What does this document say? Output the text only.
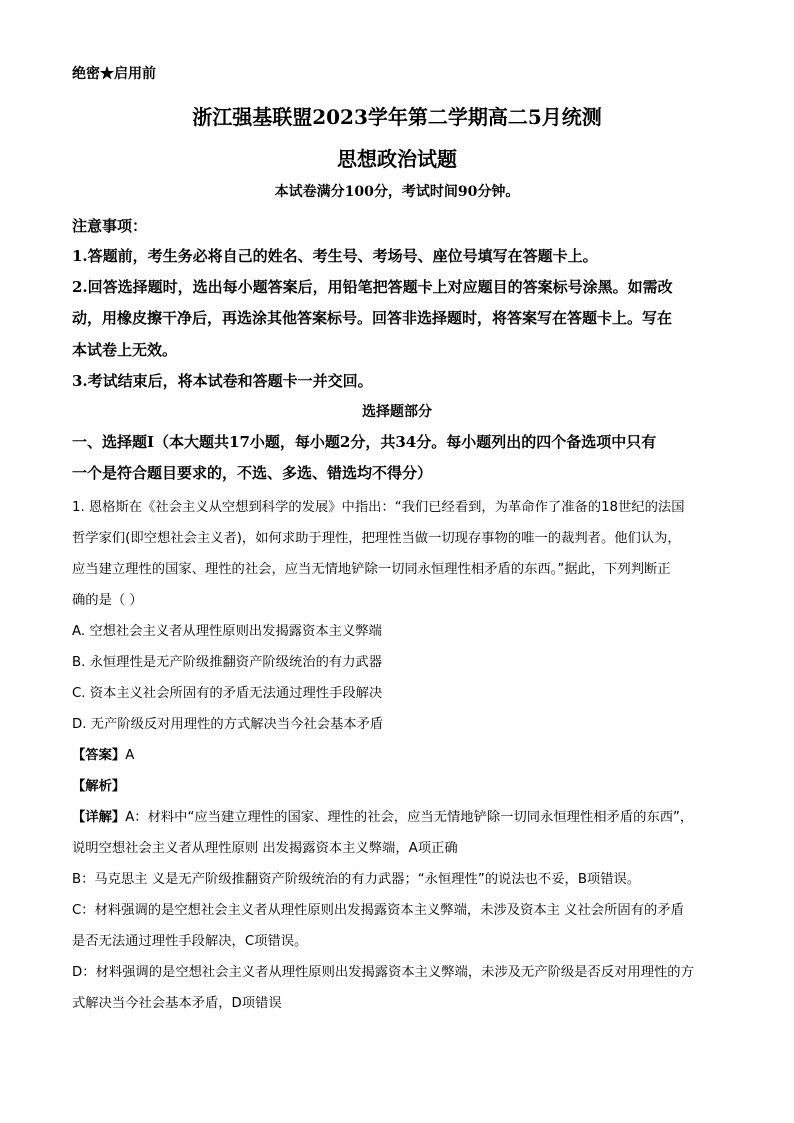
绝密★启用前
浙江强基联盟2023学年第二学期高二5月统测
思想政治试题
本试卷满分100分，考试时间90分钟。
注意事项：
1.答题前，考生务必将自己的姓名、考生号、考场号、座位号填写在答题卡上。
2.回答选择题时，选出每小题答案后，用铅笔把答题卡上对应题目的答案标号涂黑。如需改
动，用橡皮擦干净后，再选涂其他答案标号。回答非选择题时，将答案写在答题卡上。写在
本试卷上无效。
3.考试结束后，将本试卷和答题卡一并交回。
选择题部分
一、选择题Ⅰ（本大题共17小题，每小题2分，共34分。每小题列出的四个备选项中只有
一个是符合题目要求的，不选、多选、错选均不得分）
1. 恩格斯在《社会主义从空想到科学的发展》中指出：“我们已经看到，为革命作了准备的18世纪的法国
哲学家们(即空想社会主义者)，如何求助于理性，把理性当做一切现存事物的唯一的裁判者。他们认为，
应当建立理性的国家、理性的社会，应当无情地铲除一切同永恒理性相矛盾的东西。”据此，下列判断正
确的是（ ）
A. 空想社会主义者从理性原则出发揭露资本主义弊端
B. 永恒理性是无产阶级推翻资产阶级统治的有力武器
C. 资本主义社会所固有的矛盾无法通过理性手段解决
D. 无产阶级反对用理性的方式解决当今社会基本矛盾
【答案】A
【解析】
【详解】A：材料中“应当建立理性的国家、理性的社会，应当无情地铲除一切同永恒理性相矛盾的东西”，
说明空想社会主义者从理性原则 出发揭露资本主义弊端，A项正确
B：马克思主 义是无产阶级推翻资产阶级统治的有力武器；“永恒理性”的说法也不妥，B项错误。
C：材料强调的是空想社会主义者从理性原则出发揭露资本主义弊端，未涉及资本主 义社会所固有的矛盾
是否无法通过理性手段解决，C项错误。
D：材料强调的是空想社会主义者从理性原则出发揭露资本主义弊端，未涉及无产阶级是否反对用理性的方
式解决当今社会基本矛盾，D项错误
